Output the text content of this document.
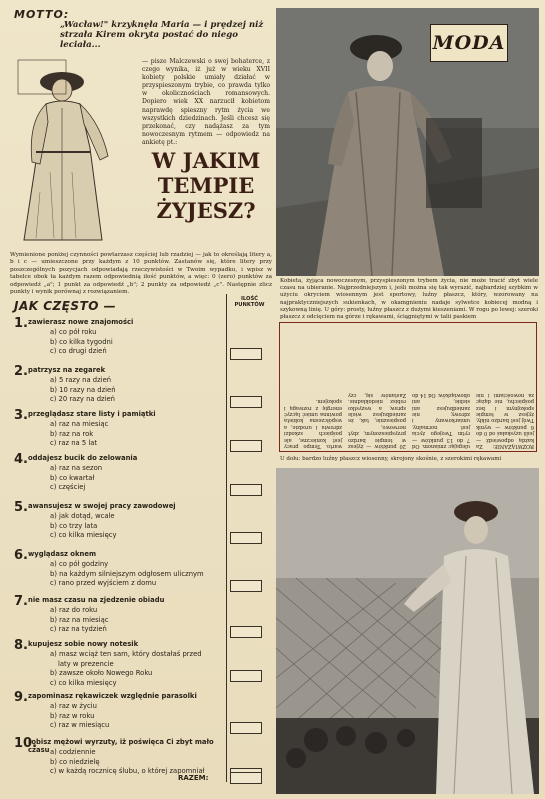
MOTTO:
„Wacław!" krzyknęła Maria — i prędzej niż strzała Kirem okryta postać do niego leciała...
— pisze Malczewski o swej bohaterce, z czego wynika, iż już w wieku XVII kobiety polskie umiały działać w przyspieszonym trybie, co prawda tylko w okolicznościach romansowych. Dopiero wiek XX narzucił kobietom naprawdę spieszny rytm życia we wszystkich dziedzinach. Jeśli chcesz się przekonać, czy nadążasz za tym nowoczesnym rytmem — odpowiedz na ankietę pt.:
W JAKIM
TEMPIE
ŻYJESZ?
Wymienione poniżej czynności powtarzasz częściej lub rzadziej — jak to określają litery a, b i c — umieszczone przy każdym z 10 punktów. Zastanów się, które litery przy poszczególnych pozycjach odpowiadają rzeczywistości w Twoim wypadku, i wpisz w tabelce obok ta każdym razem odpowiednią ilość punktów, a więc: 0 (zero) punktów za odpowiedź „a"; 1 punkt za odpowiedź „b"; 2 punkty za odpowiedź „c". Następnie zlicz punkty i wynik porównaj z rozwiązaniem.
JAK CZĘSTO —	ILOŚĆ
PUNKTÓW
1. zawierasz nowe znajomości
a) co pół roku
b) co kilka tygodni
c) co drugi dzień
2. patrzysz na zegarek
a) 5 razy na dzień
b) 10 razy na dzień
c) 20 razy na dzień
3. przeglądasz stare listy i pamiątki
a) raz na miesiąc
b) raz na rok
c) raz na 5 lat
4. oddajesz bucik do zelowania
a) raz na sezon
b) co kwartał
c) częściej
5. awansujesz w swojej pracy zawodowej
a) jak dotąd, wcale
b) co trzy lata
c) co kilka miesięcy
6. wyglądasz oknem
a) co pół godziny
b) na każdym silniejszym odgłosem ulicznym
c) rano przed wyjściem z domu
7. nie masz czasu na zjedzenie obiadu
a) raz do roku
b) raz na miesiąc
c) raz na tydzień
8. kupujesz sobie nowy notesik
a) masz wciąż ten sam, który dostałaś przed
laty w prezencie
b) zawsze około Nowego Roku
c) co kilka miesięcy
9. zapominasz rękawiczek względnie parasolki
a) raz w życiu
b) raz w roku
c) raz w miesiącu
10.
robisz mężowi wyrzuty, iż poświęca Ci zbyt mało czasu a) codziennie
b) co niedzielę
c) w każdą rocznicę ślubu, o której zapomniał
RAZEM:
MODA
Kobieta, żyjąca nowoczesnym, przyspieszonym trybem życia, nie może tracić zbyt wiele czasu na ubieranie. Najprzedniejszym i, jeśli można się tak wyrazić, najbardziej szybkim w użyciu okryciem wiosennym jest sportowy, luźny płaszcz, który, wzorowany na najpraktyczniejszych sukienkach, w okamgnieniu nadaje sylwetce kobiecej modną i szykowną linię. U góry: prosty, luźny płaszcz z dużymi kieszeniami. W rogu po lewej: szeroki płaszcz z odcięciem na górze i rękawami, ściągniętymi w talii paskiem
ROZWIĄZANIE: Za każdą odpowiedź — jeśli uzyskałaś od 0 do 6 punktów — wynik Twój jest bardzo nikły, żyjesz w tempie spokojnym i bez pośpiechu, nie dążąc za nowościami i nie ulegając zmianom. Od 7 do 13 punktów — rytm Twojego życia jest normalny, umiarkowany i zdrowy, nie zaniedbujesz ani siebie, ani obowiązków. Od 14 do 20 punktów — żyjesz w tempie bardzo przyspieszonym, zbyt nerwowo, pospiesznie, tak, że zaniedbujesz wiele spraw, a wszystko robisz niedokładnie. Zastanów się, czy warto. Tempo pracy jest konieczne, ale pośpiech szkodzi zdrowiu i urodzie, a współczesna kobieta powinna umieć łączyć energię z rozwagą i spokojem.
U dołu: bardzo luźny płaszcz wiosenny, skrojony skośnie, z szerokimi rękawami
